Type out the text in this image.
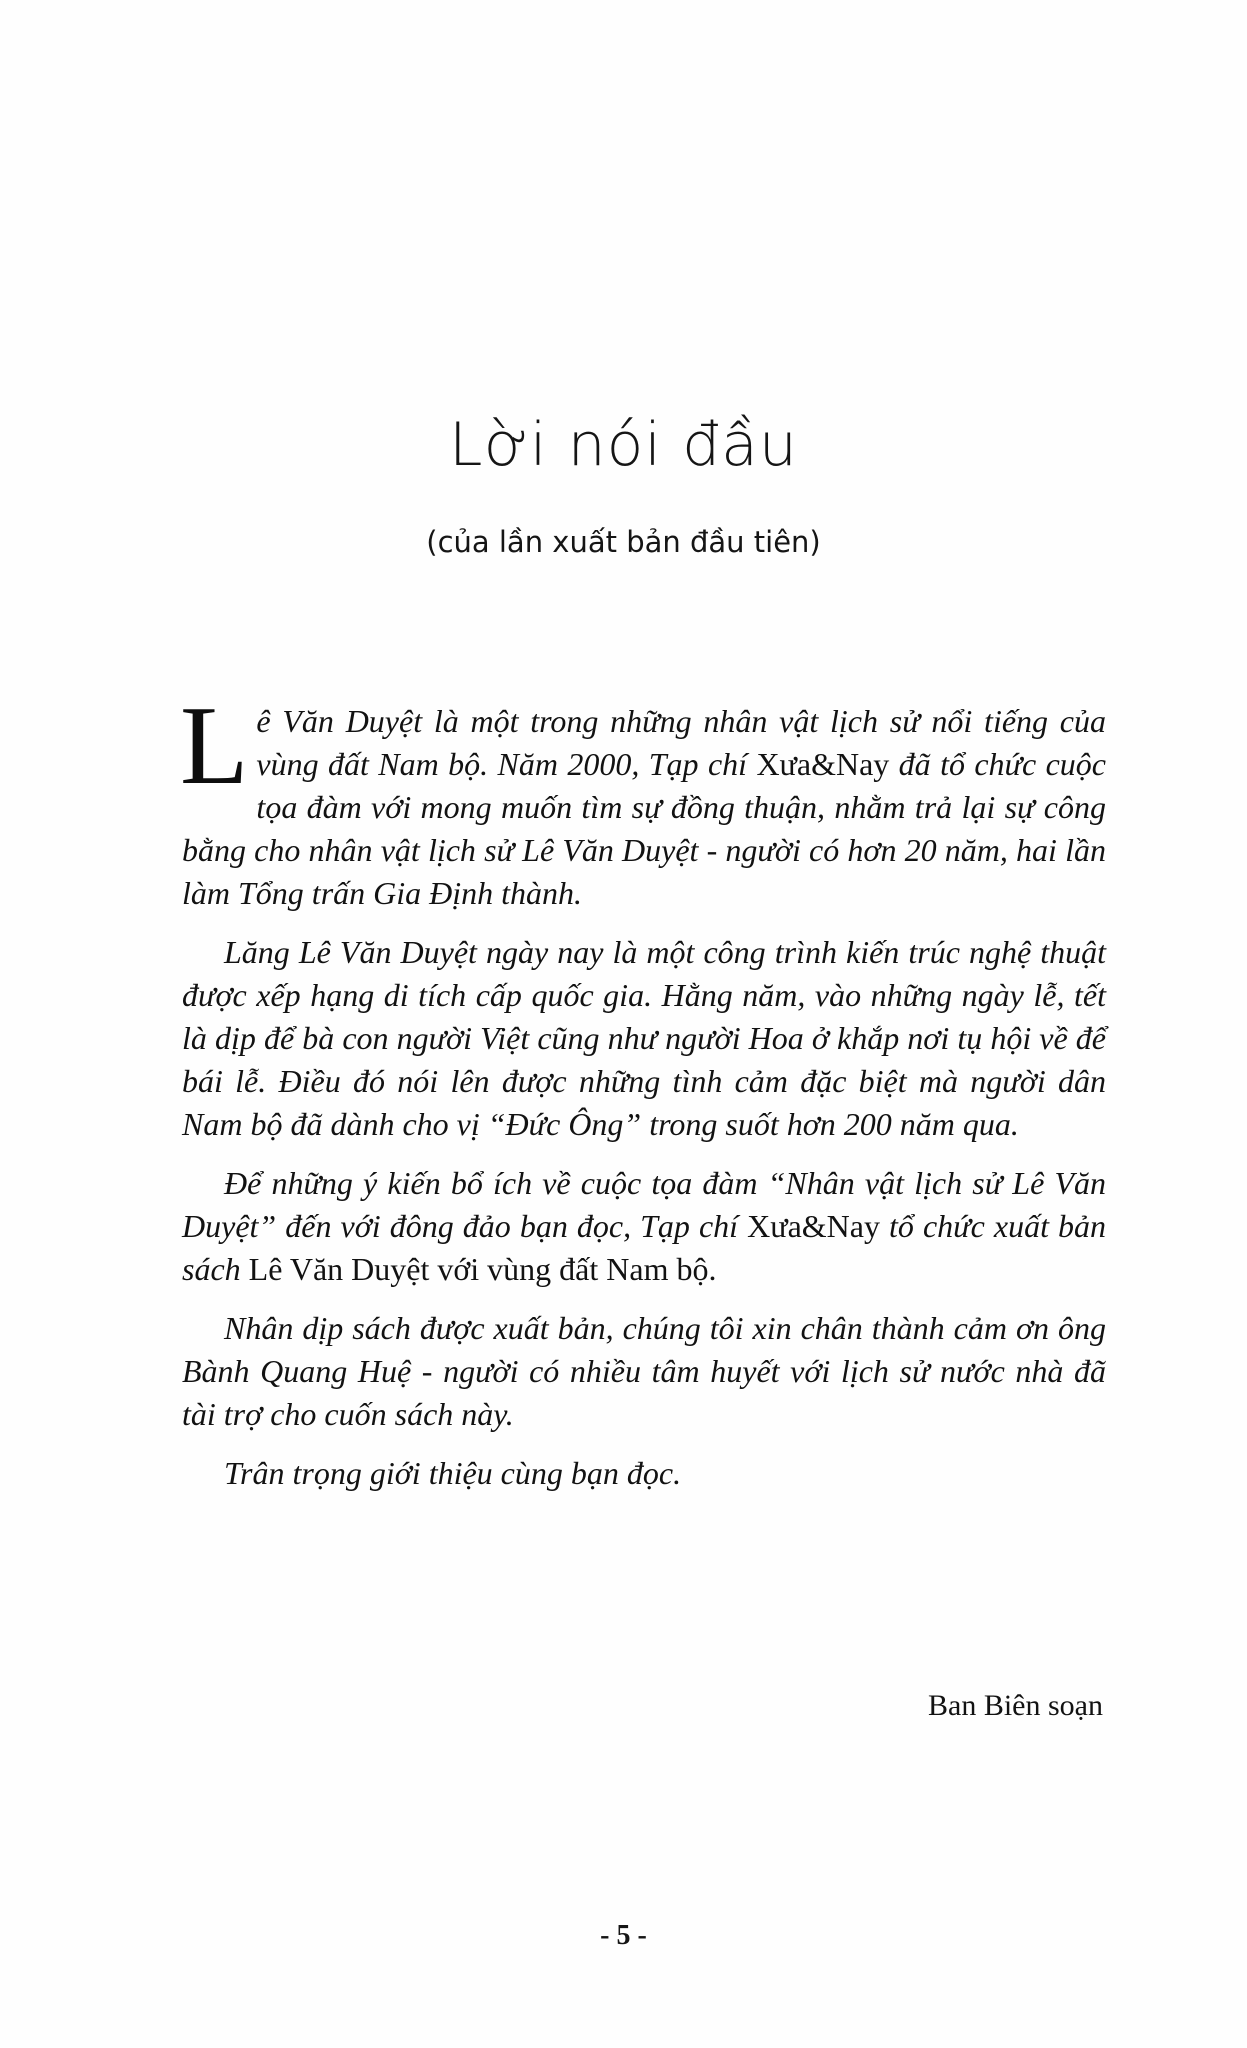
Lời nói đầu
(của lần xuất bản đầu tiên)

Lê Văn Duyệt là một trong những nhân vật lịch sử nổi tiếng của vùng đất Nam bộ. Năm 2000, Tạp chí Xưa&Nay đã tổ chức cuộc tọa đàm với mong muốn tìm sự đồng thuận, nhằm trả lại sự công bằng cho nhân vật lịch sử Lê Văn Duyệt - người có hơn 20 năm, hai lần làm Tổng trấn Gia Định thành.

Lăng Lê Văn Duyệt ngày nay là một công trình kiến trúc nghệ thuật được xếp hạng di tích cấp quốc gia. Hằng năm, vào những ngày lễ, tết là dịp để bà con người Việt cũng như người Hoa ở khắp nơi tụ hội về để bái lễ. Điều đó nói lên được những tình cảm đặc biệt mà người dân Nam bộ đã dành cho vị “Đức Ông” trong suốt hơn 200 năm qua.

Để những ý kiến bổ ích về cuộc tọa đàm “Nhân vật lịch sử Lê Văn Duyệt” đến với đông đảo bạn đọc, Tạp chí Xưa&Nay tổ chức xuất bản sách Lê Văn Duyệt với vùng đất Nam bộ.

Nhân dịp sách được xuất bản, chúng tôi xin chân thành cảm ơn ông Bành Quang Huệ - người có nhiều tâm huyết với lịch sử nước nhà đã tài trợ cho cuốn sách này.

Trân trọng giới thiệu cùng bạn đọc.

Ban Biên soạn
- 5 -
